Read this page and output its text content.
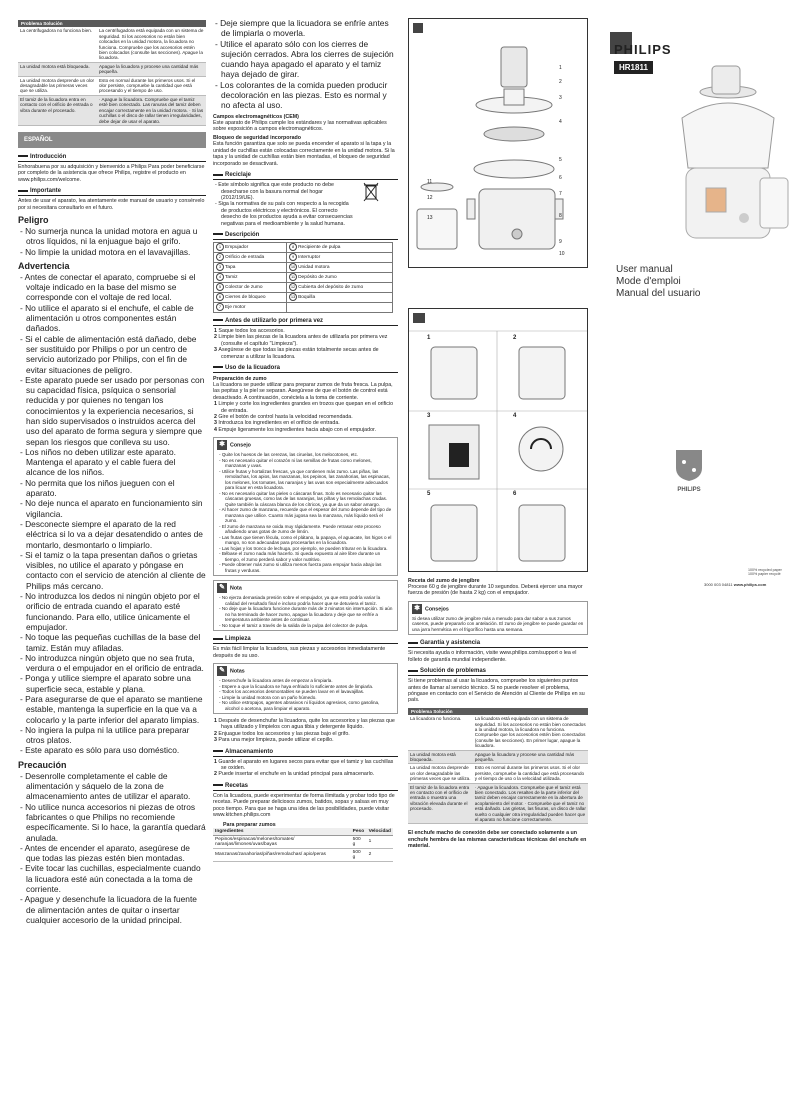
Problema Solución	
La centrifugadora no funciona bien.	La centrifugadora está equipada con un sistema de seguridad. Si los accesorios no están bien colocados en la unidad motora, la licuadora no funciona. Compruebe que los accesorios estén bien colocados (consulte las secciones). Apague la licuadora.
La unidad motora está bloqueada.	Apague la licuadora y procese una cantidad más pequeña.
La unidad motora desprende un olor desagradable las primeras veces que se utiliza.	Esto es normal durante los primeros usos. Si el olor persiste, compruebe la cantidad que está procesando y el tiempo de uso.
El tamiz de la licuadora entra en contacto con el orificio de entrada o vibra durante el procesado.	· Apague la licuadora. Compruebe que el tamiz esté bien conectado. Las ranuras del tamiz deben encajar correctamente en la unidad motora. · Si las cuchillas o el disco de rallar tienen irregularidades, debe dejar de usar el aparato.
ESPAÑOL
Introducción
Enhorabuena por su adquisición y bienvenido a Philips Para poder beneficiarse por completo de la asistencia que ofrece Philips, registre el producto en www.philips.com/welcome.
Importante
Antes de usar el aparato, lea atentamente este manual de usuario y consérvelo por si necesitara consultarlo en el futuro.
Peligro
- No sumerja nunca la unidad motora en agua u otros líquidos, ni la enjuague bajo el grifo.
- No limpie la unidad motora en el lavavajillas.
Advertencia
- Antes de conectar el aparato, compruebe si el voltaje indicado en la base del mismo se corresponde con el voltaje de red local.
- No utilice el aparato si el enchufe, el cable de alimentación u otros componentes están dañados.
- Si el cable de alimentación está dañado, debe ser sustituido por Philips o por un centro de servicio autorizado por Philips, con el fin de evitar situaciones de peligro.
- Este aparato puede ser usado por personas con su capacidad física, psíquica o sensorial reducida y por quienes no tengan los conocimientos y la experiencia necesarios, si han sido supervisados o instruidos acerca del uso del aparato de forma segura y siempre que sepan los riesgos que conlleva su uso.
- Los niños no deben utilizar este aparato. Mantenga el aparato y el cable fuera del alcance de los niños.
- No permita que los niños jueguen con el aparato.
- No deje nunca el aparato en funcionamiento sin vigilancia.
- Desconecte siempre el aparato de la red eléctrica si lo va a dejar desatendido o antes de montarlo, desmontarlo o limpiarlo.
- Si el tamiz o la tapa presentan daños o grietas visibles, no utilice el aparato y póngase en contacto con el servicio de atención al cliente de Philips más cercano.
- No introduzca los dedos ni ningún objeto por el orificio de entrada cuando el aparato esté funcionando. Para ello, utilice únicamente el empujador.
- No toque las pequeñas cuchillas de la base del tamiz. Están muy afiladas.
- No introduzca ningún objeto que no sea fruta, verdura o el empujador en el orificio de entrada.
- Ponga y utilice siempre el aparato sobre una superficie seca, estable y plana.
- Para asegurarse de que el aparato se mantiene estable, mantenga la superficie en la que va a colocarlo y la parte inferior del aparato limpias.
- No ingiera la pulpa ni la utilice para preparar otros platos.
- Este aparato es sólo para uso doméstico.
Precaución
- Desenrolle completamente el cable de alimentación y sáquelo de la zona de almacenamiento antes de utilizar el aparato.
- No utilice nunca accesorios ni piezas de otros fabricantes o que Philips no recomiende específicamente. Si lo hace, la garantía quedará anulada.
- Antes de encender el aparato, asegúrese de que todas las piezas estén bien montadas.
- Evite tocar las cuchillas, especialmente cuando la licuadora esté aún conectada a la toma de corriente.
- Apague y desenchufe la licuadora de la fuente de alimentación antes de quitar o insertar cualquier accesorio de la unidad principal.
- Deje siempre que la licuadora se enfríe antes de limpiarla o moverla.
- Utilice el aparato sólo con los cierres de sujeción cerrados. Abra los cierres de sujeción cuando haya apagado el aparato y el tamiz haya dejado de girar.
- Los colorantes de la comida pueden producir decoloración en las piezas. Esto es normal y no afecta al uso.
Campos electromagnéticos (CEM)
Este aparato de Philips cumple los estándares y las normativas aplicables sobre exposición a campos electromagnéticos.
Bloqueo de seguridad incorporado
Esta función garantiza que solo se pueda encender el aparato si la tapa y la unidad de cuchillas están colocadas correctamente en la unidad motora. Si la tapa y la unidad de cuchillas están bien montadas, el bloqueo de seguridad incorporado se desactivará.
Reciclaje
- Este símbolo significa que este producto no debe desecharse con la basura normal del hogar (2012/19/UE).
- Siga la normativa de su país con respecto a la recogida de productos eléctricos y electrónicos. El correcto desecho de los productos ayuda a evitar consecuencias negativas para el medioambiente y la salud humana.
Descripción
1 Empujador	8 Recipiente de pulpa
2 Orificio de entrada	9 Interruptor
3 Tapa	10 Unidad motora
4 Tamiz	11 Depósito de zumo
5 Colector de zumo	12 Cubierta del depósito de zumo
6 Cierres de bloqueo	13 Boquilla
7 Eje motor	
Antes de utilizarlo por primera vez
1 Saque todos los accesorios.
2 Limpie bien las piezas de la licuadora antes de utilizarla por primera vez (consulte el capítulo "Limpieza").
3 Asegúrese de que todas las piezas están totalmente secas antes de comenzar a utilizar la licuadora.
Uso de la licuadora
Preparación de zumo
La licuadora se puede utilizar para preparar zumos de fruta fresca. La pulpa, las pepitas y la piel se separan. Asegúrese de que el botón de control está desactivado. A continuación, conéctela a la toma de corriente.
1 Limpie y corte los ingredientes grandes en trozos que quepan en el orificio de entrada.
2 Gire el botón de control hasta la velocidad recomendada.
3 Introduzca los ingredientes en el orificio de entrada.
4 Empuje ligeramente los ingredientes hacia abajo con el empujador.
✱ Consejo
- Quite los huesos de las cerezas, las ciruelas, los melocotones, etc.
- No es necesario quitar el corazón ni las semillas de frutas como melones, manzanas y uvas.
- Utilice frutas y hortalizas frescas, ya que contienen más zumo. Las piñas, las remolachas, los apios, las manzanas, los pepinos, las zanahorias, las espinacas, los melones, los tomates, las naranjas y las uvas son especialmente adecuados para licuar en esta licuadora.
- No es necesario quitar las pieles o cáscaras finas. Solo es necesario quitar las cáscaras gruesas, como las de las naranjas, las piñas y las remolachas crudas. Quite también la cáscara blanca de los cítricos, ya que da un sabor amargo.
- Al hacer zumo de manzana, recuerde que el espesor del zumo depende del tipo de manzana que utilice. Cuanto más jugosa sea la manzana, más líquido será el zumo.
- El zumo de manzana se oxida muy rápidamente. Puede retrasar este proceso añadiendo unas gotas de zumo de limón.
- Las frutas que tienen fécula, como el plátano, la papaya, el aguacate, los higos o el mango, no son adecuadas para procesarlas en la licuadora.
- Las hojas y los tronco de lechuga, por ejemplo, se pueden triturar en la licuadora.
- Bébase el zumo nada más hacerlo. Si queda expuesto al aire libre durante un tiempo, el zumo perderá sabor y valor nutritivo.
- Puede obtener más zumo si utiliza menos fuerza para empujar hacia abajo las frutas y verduras.
✎ Nota
- No ejerza demasiada presión sobre el empujador, ya que esto podría variar la calidad del resultado final e incluso podría hacer que se detuviera el tamiz.
- No deje que la licuadora funcione durante más de 2 minutos sin interrupción. Si aún no ha terminado de hacer zumo, apague la licuadora y deje que se enfríe a temperatura ambiente antes de continuar.
- No toque el tamiz a través de la salida de la pulpa del colector de pulpa.
Limpieza
Es más fácil limpiar la licuadora, sus piezas y accesorios inmediatamente después de su uso.
✎ Notas
- Desenchufe la licuadora antes de empezar a limpiarla.
- Espere a que la licuadora se haya enfriado lo suficiente antes de limpiarla.
- Todos los accesorios desmontables se pueden lavar en el lavavajillas.
- Limpie la unidad motora con un paño húmedo.
- No utilice estropajos, agentes abrasivos ni líquidos agresivos, como gasolina, alcohol o acetona, para limpiar el aparato.
1 Después de desenchufar la licuadora, quite los accesorios y las piezas que haya utilizado y límpielos con agua tibia y detergente líquido.
2 Enjuague todos los accesorios y las piezas bajo el grifo.
3 Para una mejor limpieza, puede utilizar el cepillo.
Almacenamiento
1 Guarde el aparato en lugares secos para evitar que el tamiz y las cuchillas se oxiden.
2 Puede insertar el enchufe en la unidad principal para almacenarlo.
Recetas
Con la licuadora, puede experimentar de forma ilimitada y probar todo tipo de recetas. Puede preparar deliciosos zumos, batidos, sopas y salsas en muy poco tiempo. Para que se haga una idea de las posibilidades, puede visitar www.kitchen.philips.com
Para preparar zumos
Ingredientes	Peso	Velocidad
Pepinos/espinacas/melones/tomates/ naranjas/limones/uvas/bayas	500 g	1
Manzanas/zanahorias/piñas/remolachas/ apio/peras	500 g	2
1
2
3
4
5
6
7
8
9
10
11
12
13
1	2
3	4
5	6
Receta del zumo de jengibre
Procese 60 g de jengibre durante 10 segundos. Deberá ejercer una mayor fuerza de presión (de hasta 2 kg) con el empujador.
✱ Consejos
Si desea utilizar zumo de jengibre más a menudo para dar sabor a sus zumos caseros, puede prepararlo con antelación. El zumo de jengibre se puede guardar en una jarra hermética en el frigorífico hasta una semana.
Garantía y asistencia
Si necesita ayuda o información, visite www.philips.com/support o lea el folleto de garantía mundial independiente.
Solución de problemas
Si tiene problemas al usar la licuadora, compruebe los siguientes puntos antes de llamar al servicio técnico. Si no puede resolver el problema, póngase en contacto con el Servicio de Atención al Cliente de Philips en su país.
Problema Solución	
La licuadora no funciona.	La licuadora está equipada con un sistema de seguridad. Si los accesorios no están bien conectados a la unidad motora, la licuadora no funciona. Compruebe que los accesorios estén bien conectados (consulte las secciones). En primer lugar, apague la licuadora.
La unidad motora está bloqueada.	Apague la licuadora y procese una cantidad más pequeña.
La unidad motora desprende un olor desagradable las primeras veces que se utiliza.	Esto es normal durante los primeros usos. Si el olor persiste, compruebe la cantidad que está procesando y el tiempo de uso o la velocidad utilizada.
El tamiz de la licuadora entra en contacto con el orificio de entrada o muestra una vibración elevada durante el procesado.	· Apague la licuadora. Compruebe que el tamiz está bien conectado. Los resaltes de la parte inferior del tamiz deben encajar correctamente en la abertura de acoplamiento del motor. · Compruebe que el tamiz no está dañado. Las grietas, las fisuras, un disco de rallar suelto o cualquier otra irregularidad pueden hacer que el aparato no funcione correctamente.
El enchufe macho de conexión debe ser conectado solamente a un enchufe hembra de las mismas características técnicas del enchufe en material.
PHILIPS
HR1811
User manual
Mode d'emploi
Manual del usuario
PHILIPS
100% recycled paper
100% papier recyclé
3000 003 04811 www.philips.com
